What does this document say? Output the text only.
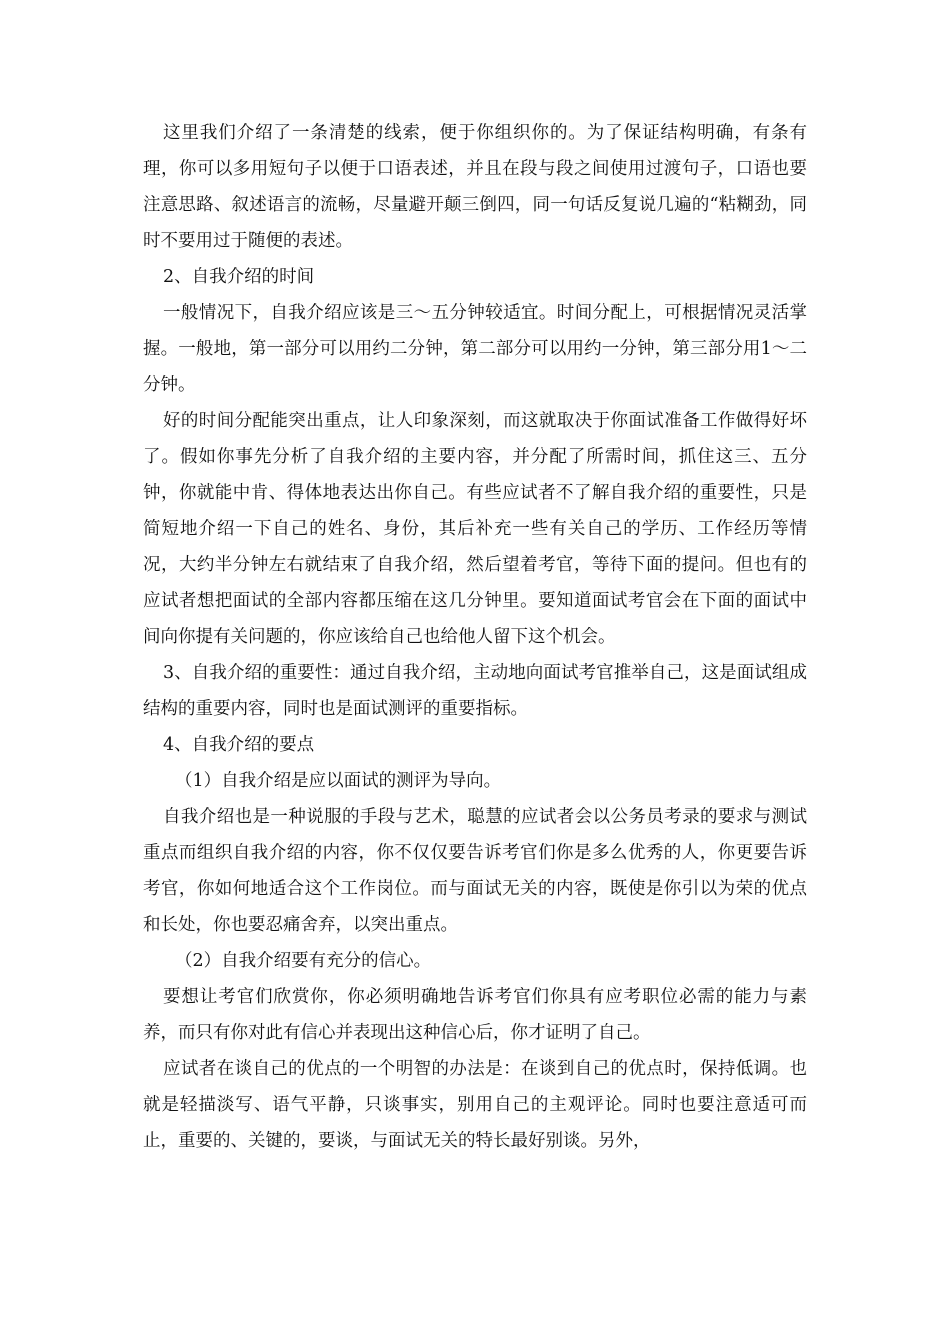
这里我们介绍了一条清楚的线索，便于你组织你的。为了保证结构明确，有条有理，你可以多用短句子以便于口语表述，并且在段与段之间使用过渡句子，口语也要注意思路、叙述语言的流畅，尽量避开颠三倒四，同一句话反复说几遍的“粘糊劲，同时不要用过于随便的表述。

2、自我介绍的时间

一般情况下，自我介绍应该是三～五分钟较适宜。时间分配上，可根据情况灵活掌握。一般地，第一部分可以用约二分钟，第二部分可以用约一分钟，第三部分用1～二分钟。

好的时间分配能突出重点，让人印象深刻，而这就取决于你面试准备工作做得好坏了。假如你事先分析了自我介绍的主要内容，并分配了所需时间，抓住这三、五分钟，你就能中肯、得体地表达出你自己。有些应试者不了解自我介绍的重要性，只是简短地介绍一下自己的姓名、身份，其后补充一些有关自己的学历、工作经历等情况，大约半分钟左右就结束了自我介绍，然后望着考官，等待下面的提问。但也有的应试者想把面试的全部内容都压缩在这几分钟里。要知道面试考官会在下面的面试中间向你提有关问题的，你应该给自己也给他人留下这个机会。

3、自我介绍的重要性：通过自我介绍，主动地向面试考官推举自己，这是面试组成结构的重要内容，同时也是面试测评的重要指标。

4、自我介绍的要点

（1）自我介绍是应以面试的测评为导向。

自我介绍也是一种说服的手段与艺术，聪慧的应试者会以公务员考录的要求与测试重点而组织自我介绍的内容，你不仅仅要告诉考官们你是多么优秀的人，你更要告诉考官，你如何地适合这个工作岗位。而与面试无关的内容，既使是你引以为荣的优点和长处，你也要忍痛舍弃，以突出重点。

（2）自我介绍要有充分的信心。

要想让考官们欣赏你，你必须明确地告诉考官们你具有应考职位必需的能力与素养，而只有你对此有信心并表现出这种信心后，你才证明了自己。

应试者在谈自己的优点的一个明智的办法是：在谈到自己的优点时，保持低调。也就是轻描淡写、语气平静，只谈事实，别用自己的主观评论。同时也要注意适可而止，重要的、关键的，要谈，与面试无关的特长最好别谈。另外，
